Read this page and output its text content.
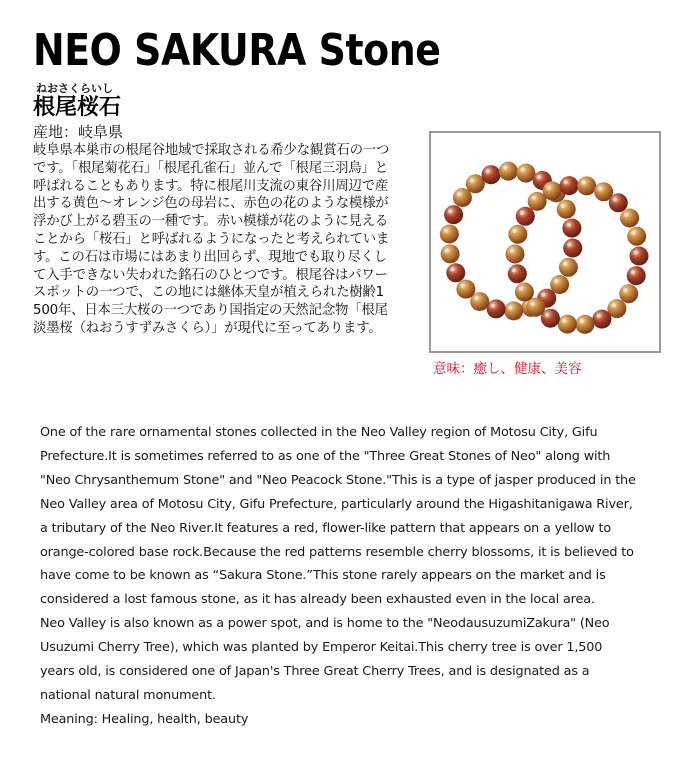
NEO SAKURA Stone
ねおさくらいし
根尾桜石
産地：岐阜県
岐阜県本巣市の根尾谷地域で採取される希少な観賞石の一つです。「根尾菊花石」「根尾孔雀石」並んで「根尾三羽烏」と呼ばれることもあります。特に根尾川支流の東谷川周辺で産出する黄色〜オレンジ色の母岩に、赤色の花のような模様が浮かび上がる碧玉の一種です。赤い模様が花のように見えることから「桜石」と呼ばれるようになったと考えられています。この石は市場にはあまり出回らず、現地でも取り尽くして入手できない失われた銘石のひとつです。根尾谷はパワースポットの一つで、この地には継体天皇が植えられた樹齢1500年、日本三大桜の一つであり国指定の天然記念物「根尾淡墨桜（ねおうすずみさくら）」が現代に至ってあります。
意味：癒し、健康、美容

One of the rare ornamental stones collected in the Neo Valley region of Motosu City, Gifu Prefecture.It is sometimes referred to as one of the "Three Great Stones of Neo" along with "Neo Chrysanthemum Stone" and "Neo Peacock Stone."This is a type of jasper produced in the Neo Valley area of Motosu City, Gifu Prefecture, particularly around the Higashitanigawa River, a tributary of the Neo River.It features a red, flower-like pattern that appears on a yellow to orange-colored base rock.Because the red patterns resemble cherry blossoms, it is believed to have come to be known as “Sakura Stone.”This stone rarely appears on the market and is considered a lost famous stone, as it has already been exhausted even in the local area.

Neo Valley is also known as a power spot, and is home to the "NeodausuzumiZakura" (Neo Usuzumi Cherry Tree), which was planted by Emperor Keitai.This cherry tree is over 1,500 years old, is considered one of Japan's Three Great Cherry Trees, and is designated as a national natural monument.

Meaning: Healing, health, beauty
